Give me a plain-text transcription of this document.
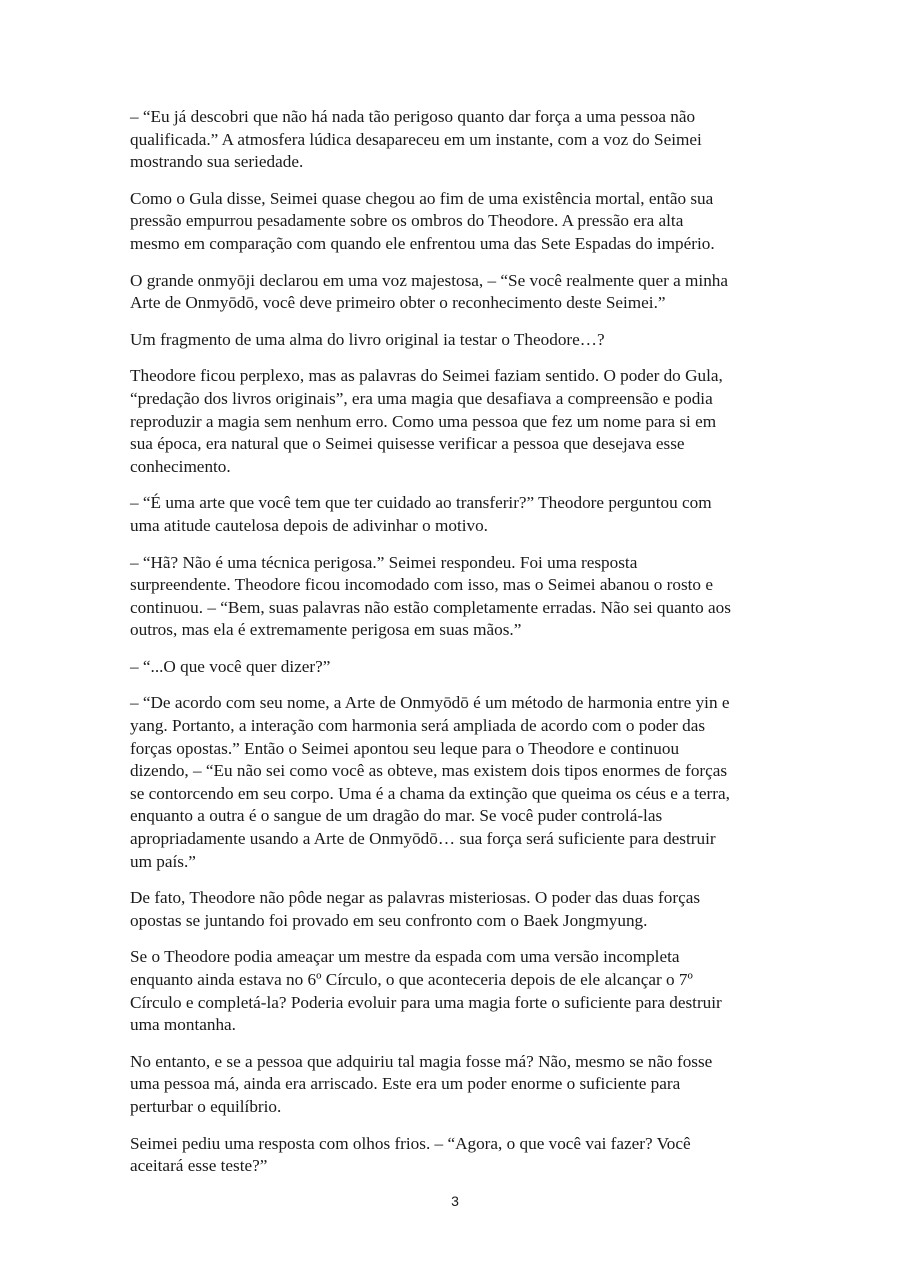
– “Eu já descobri que não há nada tão perigoso quanto dar força a uma pessoa não
qualificada.” A atmosfera lúdica desapareceu em um instante, com a voz do Seimei
mostrando sua seriedade.

Como o Gula disse, Seimei quase chegou ao fim de uma existência mortal, então sua
pressão empurrou pesadamente sobre os ombros do Theodore. A pressão era alta
mesmo em comparação com quando ele enfrentou uma das Sete Espadas do império.

O grande onmyōji declarou em uma voz majestosa, – “Se você realmente quer a minha
Arte de Onmyōdō, você deve primeiro obter o reconhecimento deste Seimei.”

Um fragmento de uma alma do livro original ia testar o Theodore…?

Theodore ficou perplexo, mas as palavras do Seimei faziam sentido. O poder do Gula,
“predação dos livros originais”, era uma magia que desafiava a compreensão e podia
reproduzir a magia sem nenhum erro. Como uma pessoa que fez um nome para si em
sua época, era natural que o Seimei quisesse verificar a pessoa que desejava esse
conhecimento.

– “É uma arte que você tem que ter cuidado ao transferir?” Theodore perguntou com
uma atitude cautelosa depois de adivinhar o motivo.

– “Hã? Não é uma técnica perigosa.” Seimei respondeu. Foi uma resposta
surpreendente. Theodore ficou incomodado com isso, mas o Seimei abanou o rosto e
continuou. – “Bem, suas palavras não estão completamente erradas. Não sei quanto aos
outros, mas ela é extremamente perigosa em suas mãos.”

– “...O que você quer dizer?”

– “De acordo com seu nome, a Arte de Onmyōdō é um método de harmonia entre yin e
yang. Portanto, a interação com harmonia será ampliada de acordo com o poder das
forças opostas.” Então o Seimei apontou seu leque para o Theodore e continuou
dizendo, – “Eu não sei como você as obteve, mas existem dois tipos enormes de forças
se contorcendo em seu corpo. Uma é a chama da extinção que queima os céus e a terra,
enquanto a outra é o sangue de um dragão do mar. Se você puder controlá-las
apropriadamente usando a Arte de Onmyōdō… sua força será suficiente para destruir
um país.”

De fato, Theodore não pôde negar as palavras misteriosas. O poder das duas forças
opostas se juntando foi provado em seu confronto com o Baek Jongmyung.

Se o Theodore podia ameaçar um mestre da espada com uma versão incompleta
enquanto ainda estava no 6º Círculo, o que aconteceria depois de ele alcançar o 7º
Círculo e completá-la? Poderia evoluir para uma magia forte o suficiente para destruir
uma montanha.

No entanto, e se a pessoa que adquiriu tal magia fosse má? Não, mesmo se não fosse
uma pessoa má, ainda era arriscado. Este era um poder enorme o suficiente para
perturbar o equilíbrio.

Seimei pediu uma resposta com olhos frios. – “Agora, o que você vai fazer? Você
aceitará esse teste?”

3
